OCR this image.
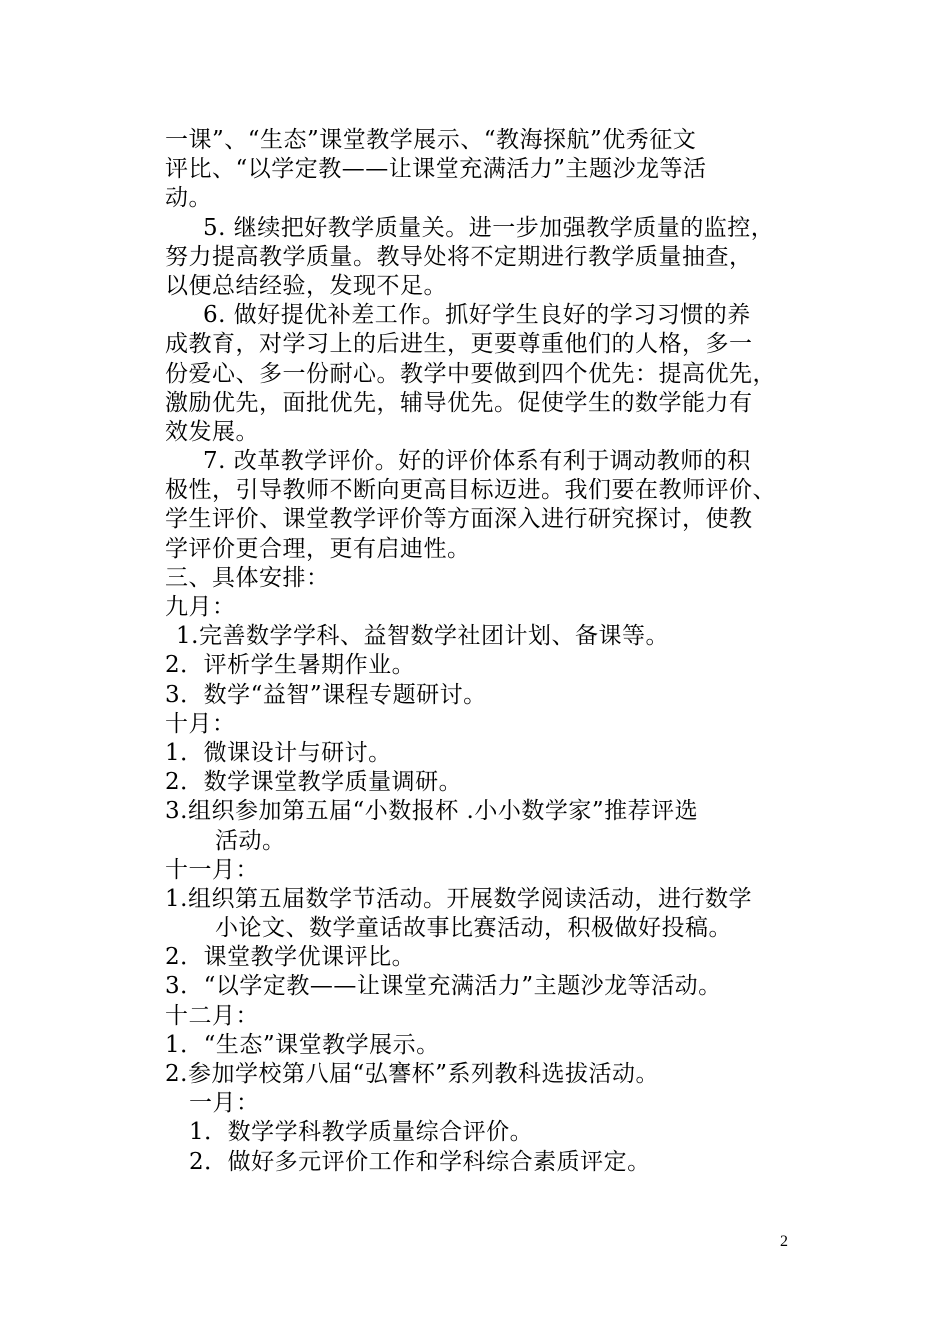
一课”、“生态”课堂教学展示、“教海探航”优秀征文
评比、“以学定教——让课堂充满活力”主题沙龙等活
动。
5. 继续把好教学质量关。进一步加强教学质量的监控，
努力提高教学质量。教导处将不定期进行教学质量抽查，
以便总结经验，发现不足。
6. 做好提优补差工作。抓好学生良好的学习习惯的养
成教育，对学习上的后进生，更要尊重他们的人格，多一
份爱心、多一份耐心。教学中要做到四个优先：提高优先，
激励优先，面批优先，辅导优先。促使学生的数学能力有
效发展。
7. 改革教学评价。好的评价体系有利于调动教师的积
极性，引导教师不断向更高目标迈进。我们要在教师评价、
学生评价、课堂教学评价等方面深入进行研究探讨，使教
学评价更合理，更有启迪性。
三、具体安排：
九月：
1.完善数学学科、益智数学社团计划、备课等。
2．评析学生暑期作业。
3．数学“益智”课程专题研讨。
十月：
1．微课设计与研讨。
2．数学课堂教学质量调研。
3.组织参加第五届“小数报杯 .小小数学家”推荐评选
活动。
十一月：
1.组织第五届数学节活动。开展数学阅读活动，进行数学
小论文、数学童话故事比赛活动，积极做好投稿。
2．课堂教学优课评比。
3．“以学定教——让课堂充满活力”主题沙龙等活动。
十二月：
1．“生态”课堂教学展示。
2.参加学校第八届“弘謇杯”系列教科选拔活动。
一月：
1．数学学科教学质量综合评价。
2．做好多元评价工作和学科综合素质评定。
2
